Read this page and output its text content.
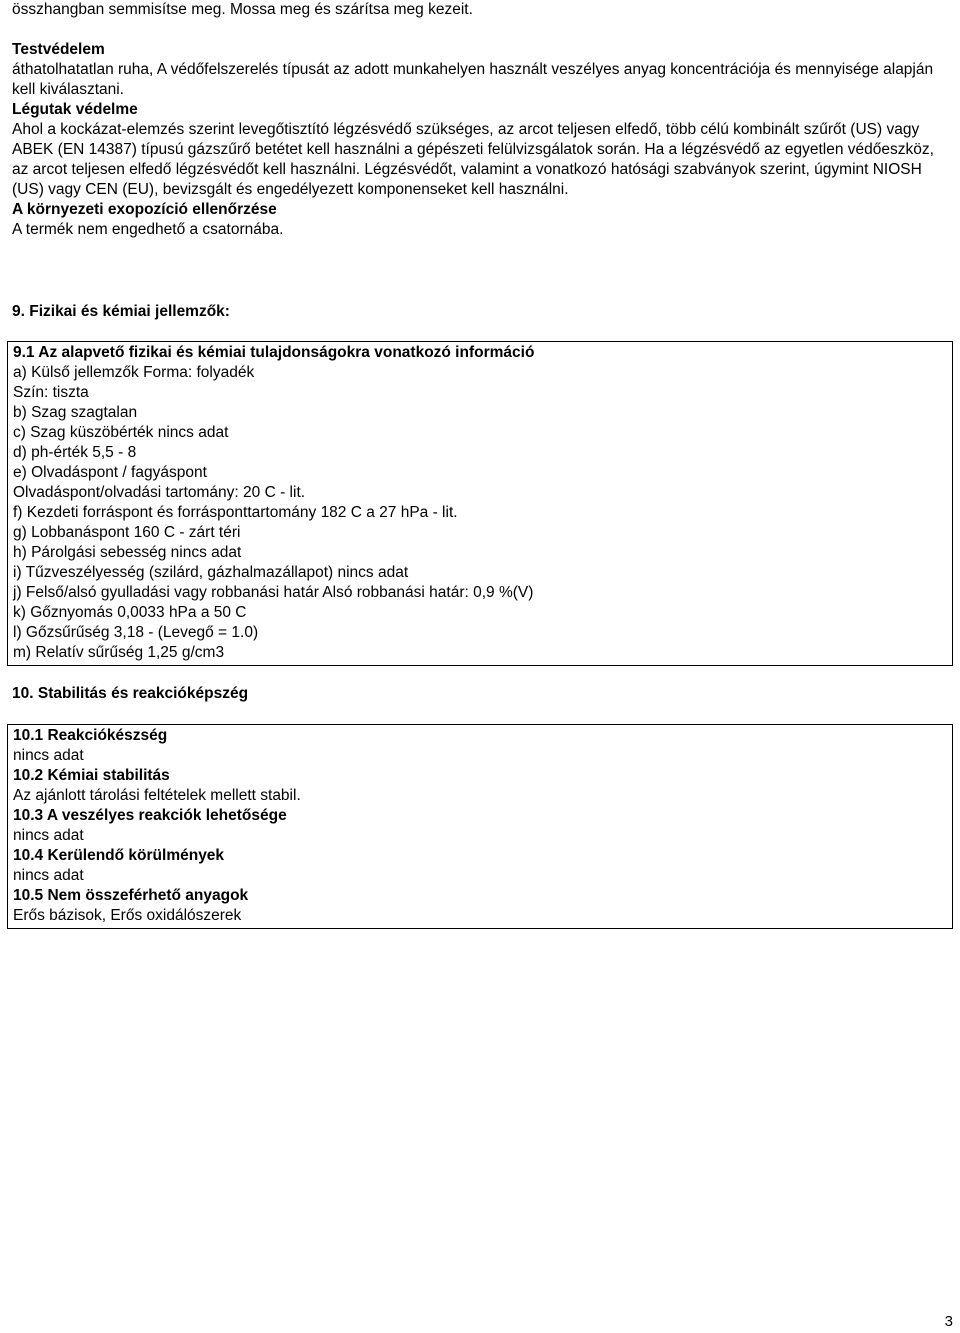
összhangban semmisítse meg. Mossa meg és szárítsa meg kezeit.

Testvédelem
áthatolhatatlan ruha, A védőfelszerelés típusát az adott munkahelyen használt veszélyes anyag koncentrációja és mennyisége alapján kell kiválasztani.
Légutak védelme
Ahol a kockázat-elemzés szerint levegőtisztító légzésvédő szükséges, az arcot teljesen elfedő, több célú kombinált szűrőt (US) vagy ABEK (EN 14387) típusú gázszűrő betétet kell használni a gépészeti felülvizsgálatok során. Ha a légzésvédő az egyetlen védőeszköz, az arcot teljesen elfedő légzésvédőt kell használni. Légzésvédőt, valamint a vonatkozó hatósági szabványok szerint, úgymint NIOSH (US) vagy CEN (EU), bevizsgált és engedélyezett komponenseket kell használni.
A környezeti exopozíció ellenőrzése
A termék nem engedhető a csatornába.

9. Fizikai és kémiai jellemzők:

9.1 Az alapvető fizikai és kémiai tulajdonságokra vonatkozó információ
a) Külső jellemzők Forma: folyadék
Szín: tiszta
b) Szag szagtalan
c) Szag küszöbérték nincs adat
d) ph-érték 5,5 - 8
e) Olvadáspont / fagyáspont
Olvadáspont/olvadási tartomány: 20 C - lit.
f) Kezdeti forráspont és forrásponttartomány 182 C a 27 hPa - lit.
g) Lobbanáspont 160 C - zárt téri
h) Párolgási sebesség nincs adat
i) Tűzveszélyesség (szilárd, gázhalmazállapot) nincs adat
j) Felső/alsó gyulladási vagy robbanási határ Alsó robbanási határ: 0,9 %(V)
k) Gőznyomás 0,0033 hPa a 50 C
l) Gőzsűrűség 3,18 - (Levegő = 1.0)
m) Relatív sűrűség 1,25 g/cm3

10. Stabilitás és reakcióképszég

10.1 Reakciókészség
nincs adat
10.2 Kémiai stabilitás
Az ajánlott tárolási feltételek mellett stabil.
10.3 A veszélyes reakciók lehetősége
nincs adat
10.4 Kerülendő körülmények
nincs adat
10.5 Nem összeférhető anyagok
Erős bázisok, Erős oxidálószerek
3
